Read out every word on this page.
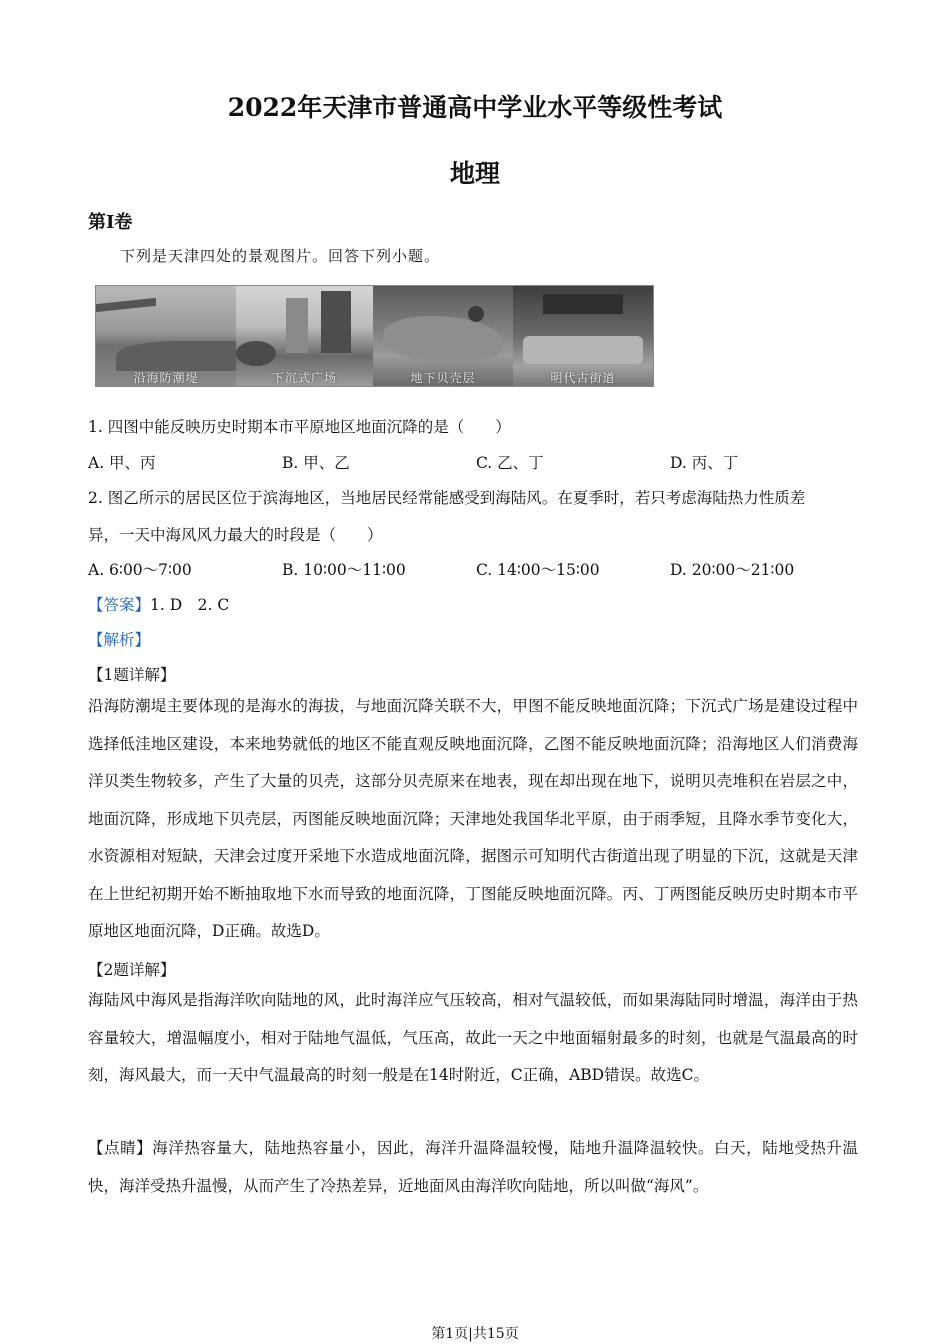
2022年天津市普通高中学业水平等级性考试
地理
第Ⅰ卷
下列是天津四处的景观图片。回答下列小题。
沿海防潮堤	下沉式广场	地下贝壳层	明代古街道
1. 四图中能反映历史时期本市平原地区地面沉降的是（　　）
A. 甲、丙	B. 甲、乙	C. 乙、丁	D. 丙、丁
2. 图乙所示的居民区位于滨海地区，当地居民经常能感受到海陆风。在夏季时，若只考虑海陆热力性质差
异，一天中海风风力最大的时段是（　　）
A. 6∶00～7∶00	B. 10∶00～11∶00	C. 14∶00～15∶00	D. 20∶00～21∶00
【答案】1. D　2. C
【解析】
【1题详解】
沿海防潮堤主要体现的是海水的海拔，与地面沉降关联不大，甲图不能反映地面沉降；下沉式广场是建设过程中选择低洼地区建设，本来地势就低的地区不能直观反映地面沉降，乙图不能反映地面沉降；沿海地区人们消费海洋贝类生物较多，产生了大量的贝壳，这部分贝壳原来在地表，现在却出现在地下，说明贝壳堆积在岩层之中，地面沉降，形成地下贝壳层，丙图能反映地面沉降；天津地处我国华北平原，由于雨季短，且降水季节变化大，水资源相对短缺，天津会过度开采地下水造成地面沉降，据图示可知明代古街道出现了明显的下沉，这就是天津在上世纪初期开始不断抽取地下水而导致的地面沉降，丁图能反映地面沉降。丙、丁两图能反映历史时期本市平原地区地面沉降，D正确。故选D。
【2题详解】
海陆风中海风是指海洋吹向陆地的风，此时海洋应气压较高，相对气温较低，而如果海陆同时增温，海洋由于热容量较大，增温幅度小，相对于陆地气温低，气压高，故此一天之中地面辐射最多的时刻，也就是气温最高的时刻，海风最大，而一天中气温最高的时刻一般是在14时附近，C正确，ABD错误。故选C。
【点睛】海洋热容量大，陆地热容量小，因此，海洋升温降温较慢，陆地升温降温较快。白天，陆地受热升温快，海洋受热升温慢，从而产生了冷热差异，近地面风由海洋吹向陆地，所以叫做“海风”。
第1页|共15页
